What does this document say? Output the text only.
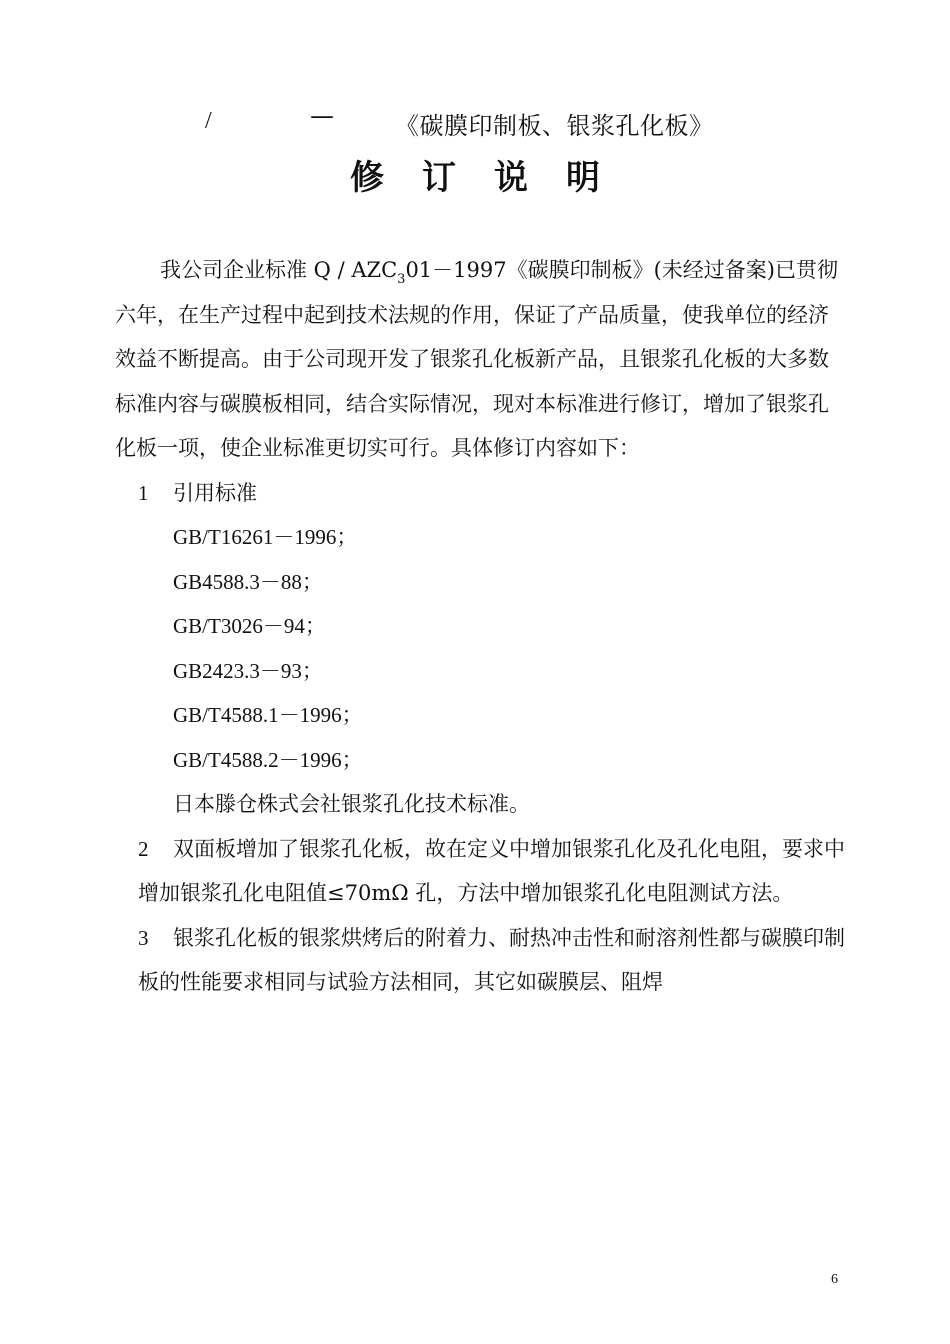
/	—	《碳膜印制板、银浆孔化板》
修订说明

我公司企业标准 $Q / AZC_301-1997$《碳膜印制板》(未经过备案)已贯彻六年，在生产过程中起到技术法规的作用，保证了产品质量，使我单位的经济效益不断提高。由于公司现开发了银浆孔化板新产品，且银浆孔化板的大多数标准内容与碳膜板相同，结合实际情况，现对本标准进行修订，增加了银浆孔化板一项，使企业标准更切实可行。具体修订内容如下：

1 引用标准

GB/T16261－1996；
GB4588.3－88；
GB/T3026－94；
GB2423.3－93；
GB/T4588.1－1996；
GB/T4588.2－1996；
日本滕仓株式会社银浆孔化技术标准。

2 双面板增加了银浆孔化板，故在定义中增加银浆孔化及孔化电阻，要求中增加银浆孔化电阻值≤70mΩ 孔，方法中增加银浆孔化电阻测试方法。

3 银浆孔化板的银浆烘烤后的附着力、耐热冲击性和耐溶剂性都与碳膜印制板的性能要求相同与试验方法相同，其它如碳膜层、阻焊

6
